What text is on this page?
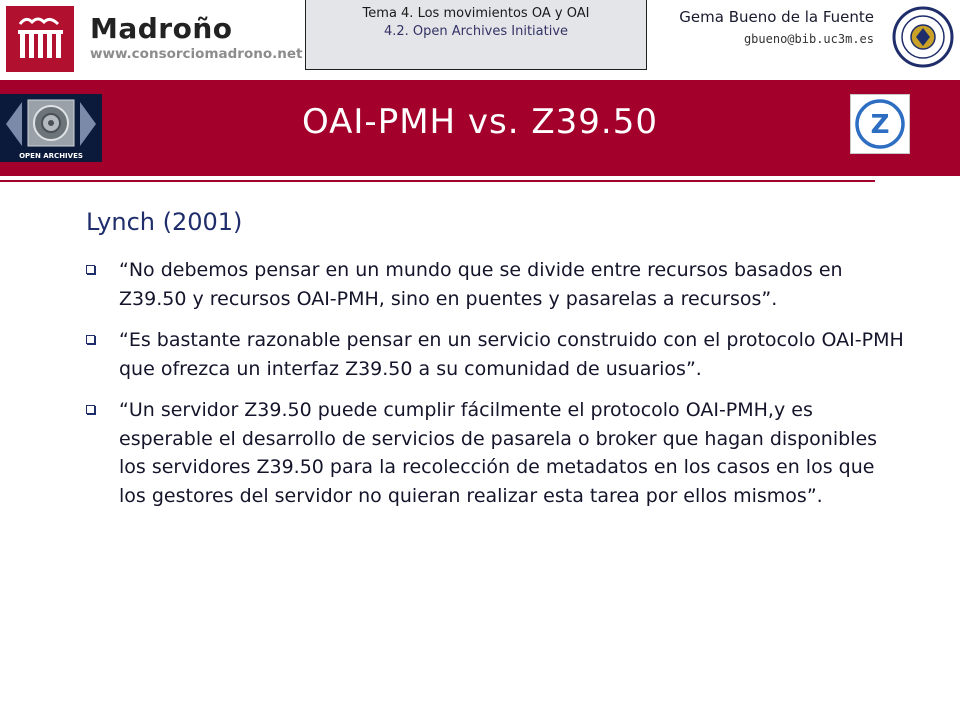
Madroño
www.consorciomadrono.net
Tema 4. Los movimientos OA y OAI
4.2. Open Archives Initiative
Gema Bueno de la Fuente
gbueno@bib.uc3m.es
OPEN ARCHIVES
OAI-PMH vs. Z39.50	Z
Lynch (2001)
“No debemos pensar en un mundo que se divide entre recursos basados en Z39.50 y recursos OAI-PMH, sino en puentes y pasarelas a recursos”.
“Es bastante razonable pensar en un servicio construido con el protocolo OAI-PMH que ofrezca un interfaz Z39.50 a su comunidad de usuarios”.
“Un servidor Z39.50 puede cumplir fácilmente el protocolo OAI-PMH,y es esperable el desarrollo de servicios de pasarela o broker que hagan disponibles los servidores Z39.50 para la recolección de metadatos en los casos en los que los gestores del servidor no quieran realizar esta tarea por ellos mismos”.
